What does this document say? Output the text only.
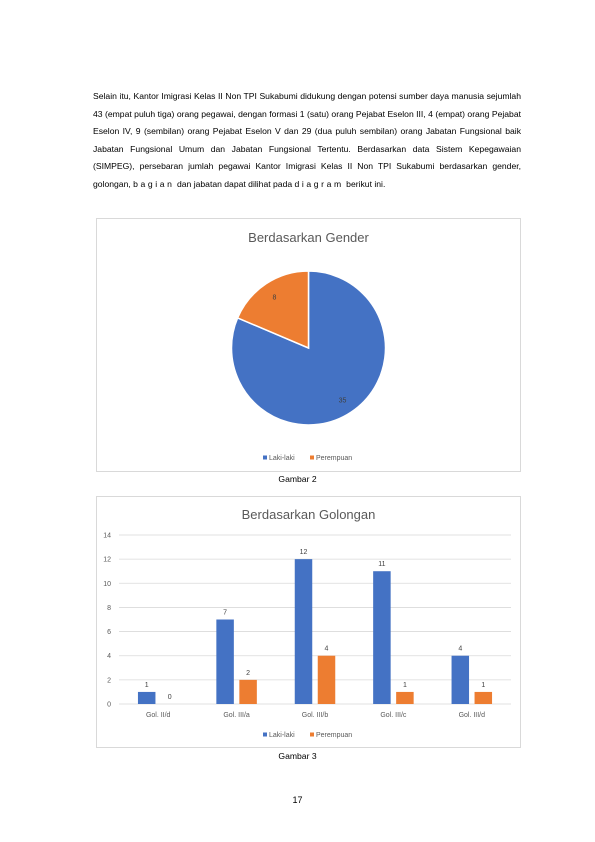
Selain itu, Kantor Imigrasi Kelas II Non TPI Sukabumi didukung dengan potensi sumber daya manusia sejumlah 43 (empat puluh tiga) orang pegawai, dengan formasi 1 (satu) orang Pejabat Eselon III, 4 (empat) orang Pejabat Eselon IV, 9 (sembilan) orang Pejabat Eselon V dan 29 (dua puluh sembilan) orang Jabatan Fungsional baik Jabatan Fungsional Umum dan Jabatan Fungsional Tertentu. Berdasarkan data Sistem Kepegawaian (SIMPEG), persebaran jumlah pegawai Kantor Imigrasi Kelas II Non TPI Sukabumi berdasarkan gender, golongan, bagian dan jabatan dapat dilihat pada diagram berikut ini.

Berdasarkan Gender
35
8
Laki-laki	Perempuan
Gambar 2
Berdasarkan Golongan
0
2
4
6
8
10
12
14
1
0
7
2
12
4
11
1
4
1
Gol. II/d	Gol. III/a	Gol. III/b	Gol. III/c	Gol. III/d
Laki-laki	Perempuan
Gambar 3
17
